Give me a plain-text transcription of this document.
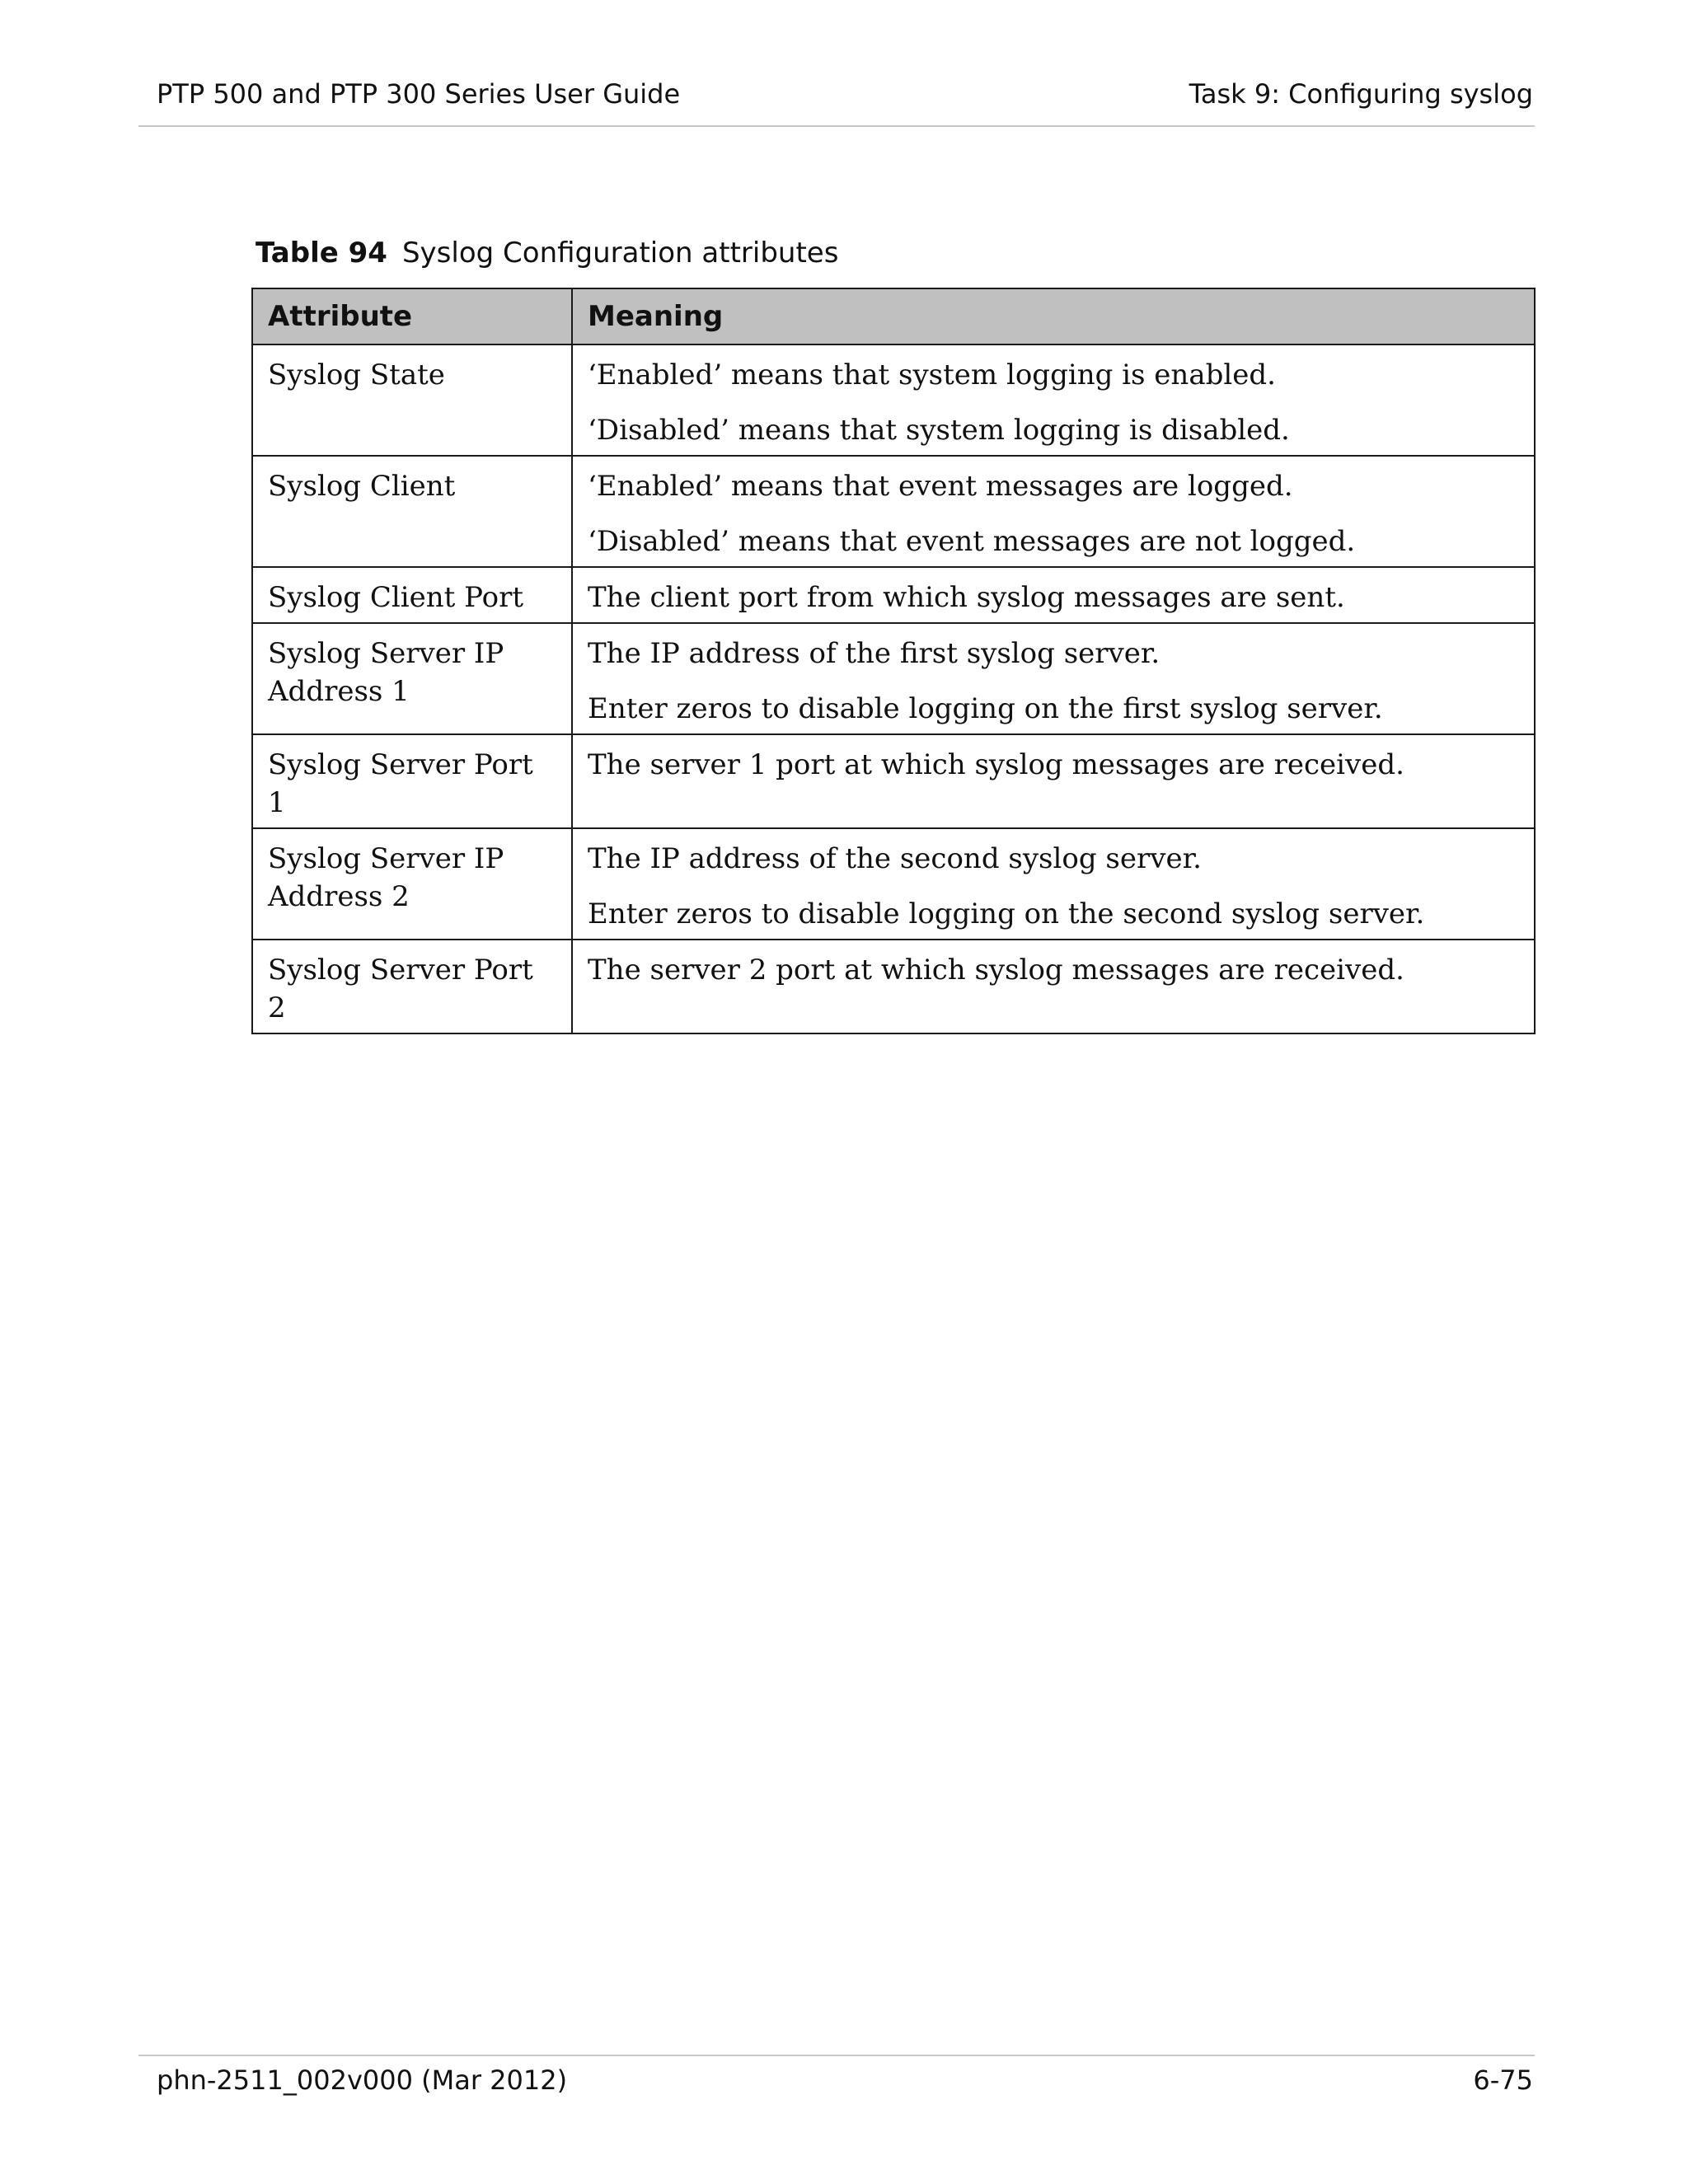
PTP 500 and PTP 300 Series User Guide	Task 9: Configuring syslog
Table 94 Syslog Configuration attributes
Attribute	Meaning
Syslog State	‘Enabled’ means that system logging is enabled.
‘Disabled’ means that system logging is disabled.

Syslog Client	‘Enabled’ means that event messages are logged.
‘Disabled’ means that event messages are not logged.

Syslog Client Port	The client port from which syslog messages are sent.

Syslog Server IP Address 1	The IP address of the first syslog server.
Enter zeros to disable logging on the first syslog server.

Syslog Server Port 1	The server 1 port at which syslog messages are received.

Syslog Server IP Address 2	The IP address of the second syslog server.
Enter zeros to disable logging on the second syslog server.

Syslog Server Port 2	The server 2 port at which syslog messages are received.
phn-2511_002v000 (Mar 2012)	6-75
